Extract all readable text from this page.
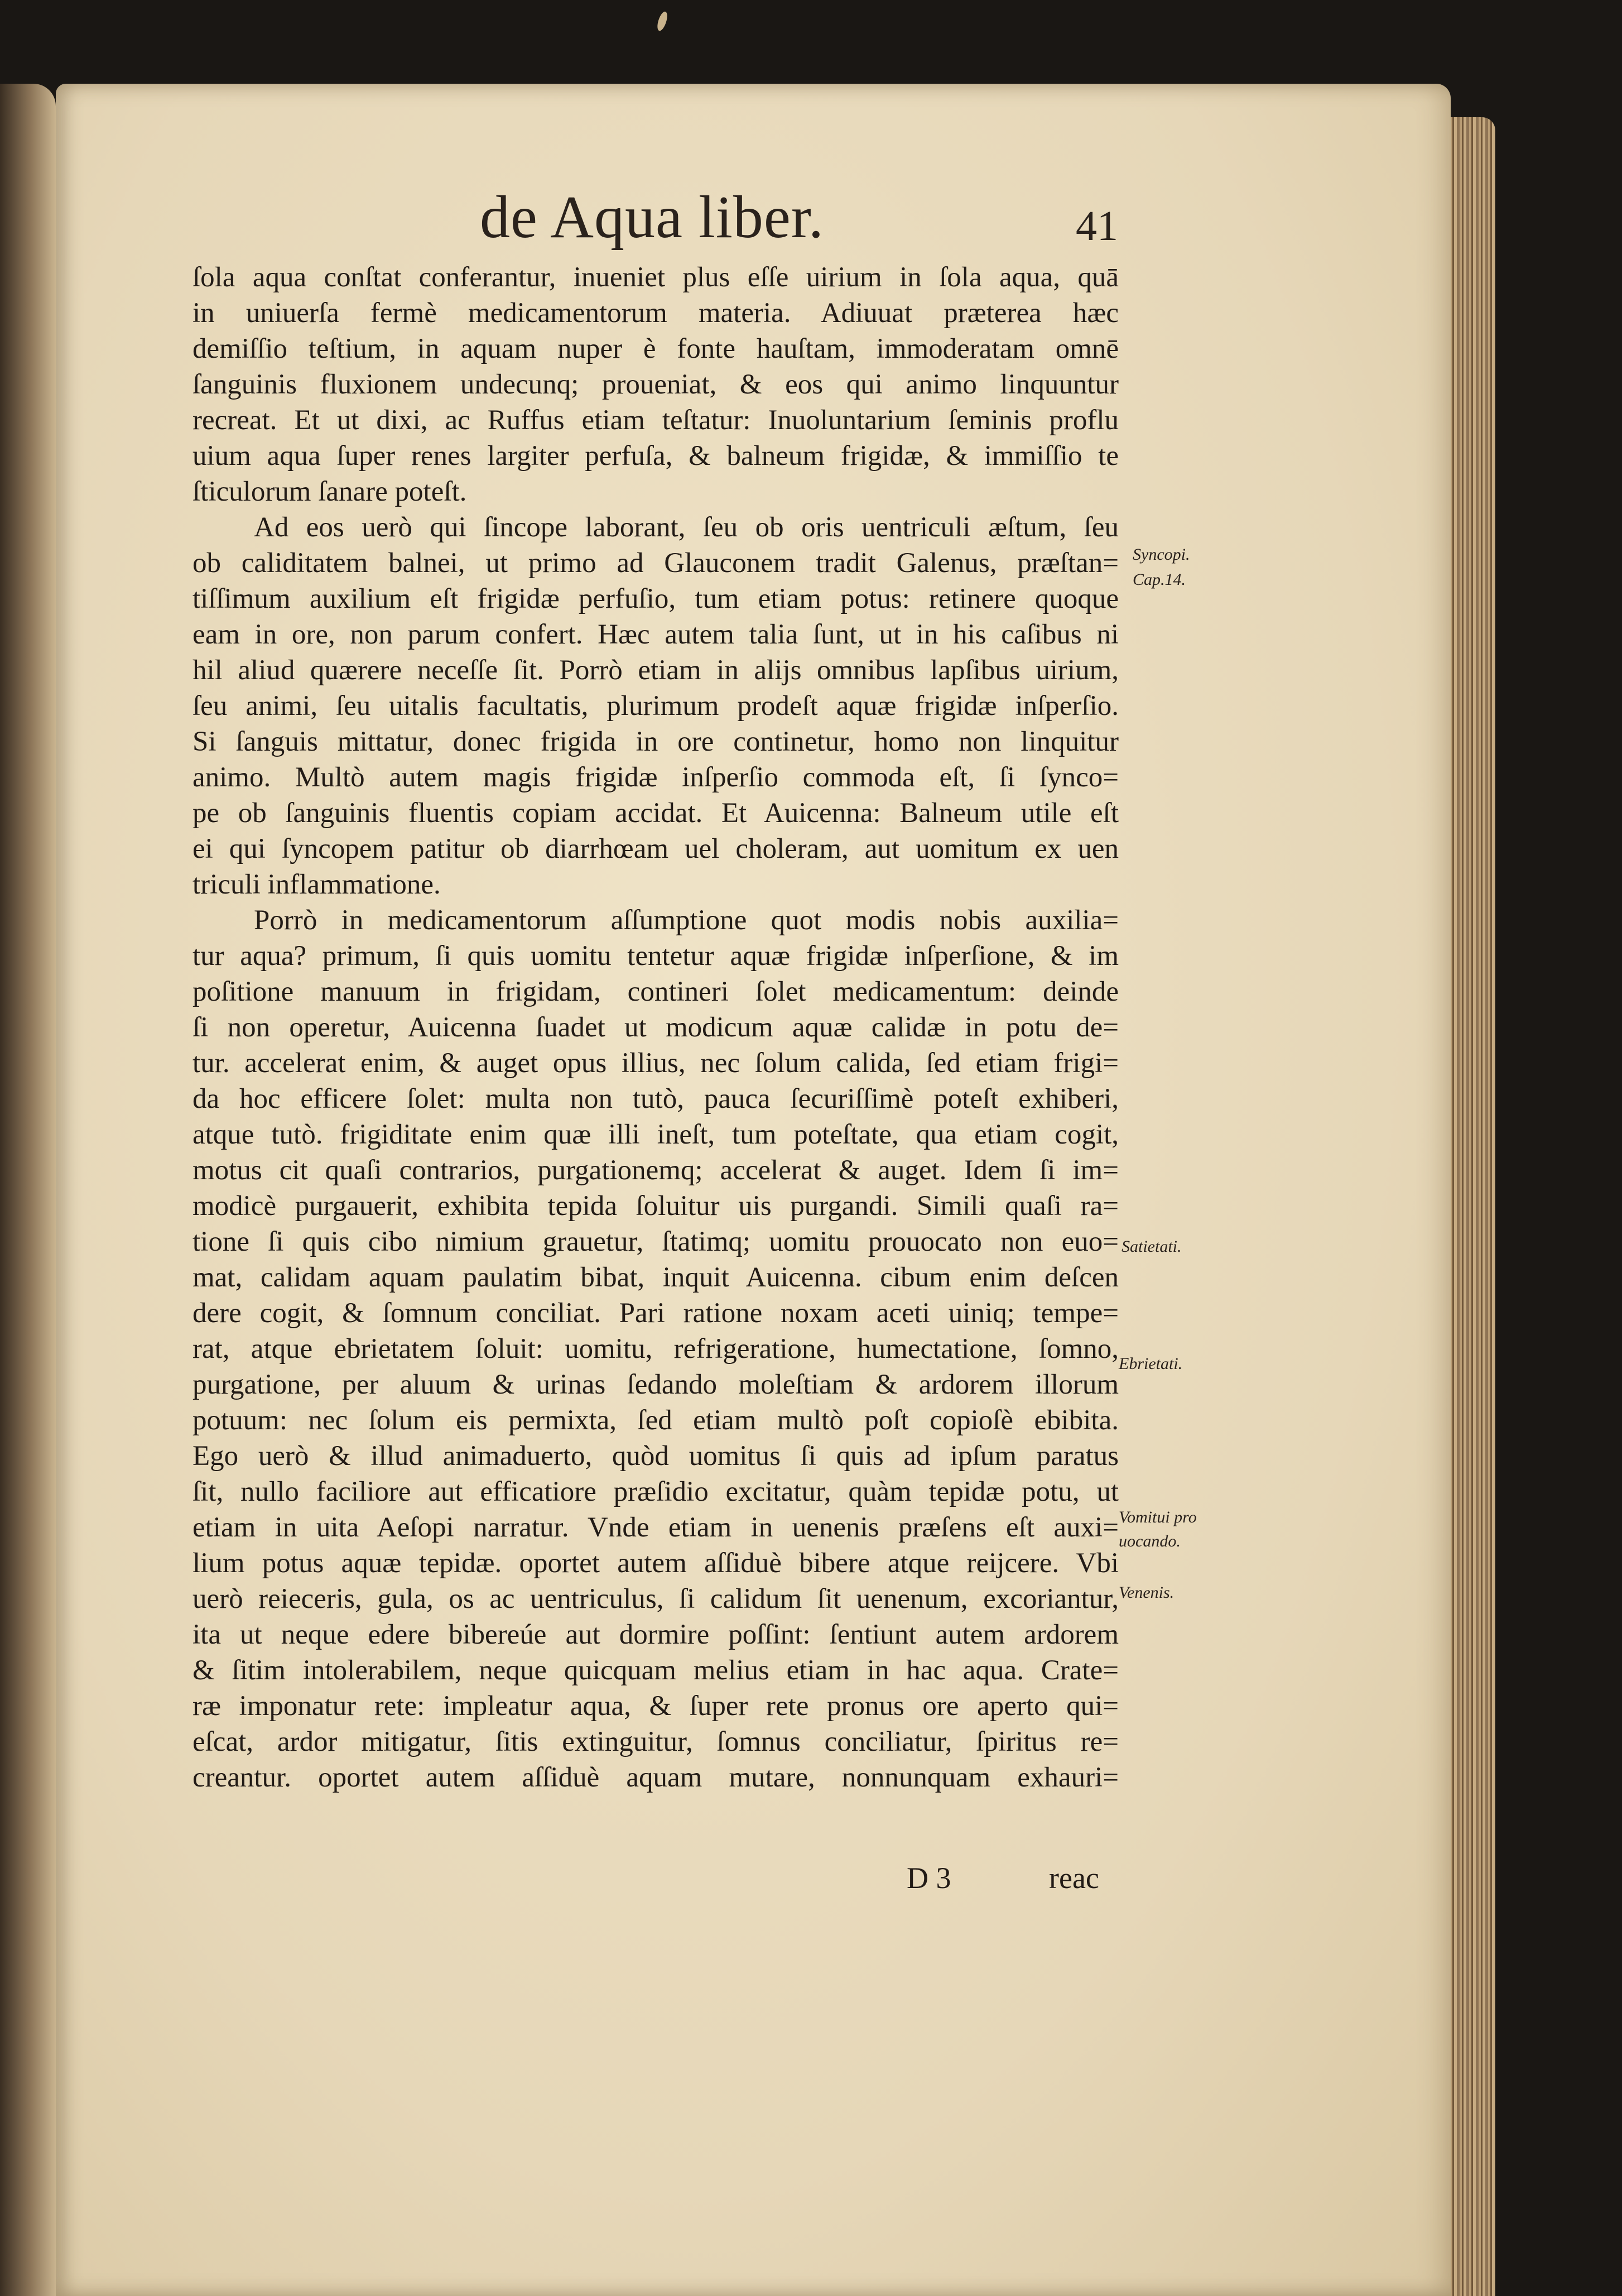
de Aqua liber.	41
ſola aqua conſtat conferantur, inueniet plus eſſe uirium in ſola aqua, quā
in uniuerſa fermè medicamentorum materia. Adiuuat præterea hæc
demiſſio teſtium, in aquam nuper è fonte hauſtam, immoderatam omnē
ſanguinis fluxionem undecunq; proueniat, & eos qui animo linquuntur
recreat. Et ut dixi, ac Ruffus etiam teſtatur: Inuoluntarium ſeminis proflu
uium aqua ſuper renes largiter perfuſa, & balneum frigidæ, & immiſſio te
ſticulorum ſanare poteſt.
Ad eos uerò qui ſincope laborant, ſeu ob oris uentriculi æſtum, ſeu
ob caliditatem balnei, ut primo ad Glauconem tradit Galenus, præſtan=
tiſſimum auxilium eſt frigidæ perfuſio, tum etiam potus: retinere quoque
eam in ore, non parum confert. Hæc autem talia ſunt, ut in his caſibus ni
hil aliud quærere neceſſe ſit. Porrò etiam in alijs omnibus lapſibus uirium,
ſeu animi, ſeu uitalis facultatis, plurimum prodeſt aquæ frigidæ inſperſio.
Si ſanguis mittatur, donec frigida in ore continetur, homo non linquitur
animo. Multò autem magis frigidæ inſperſio commoda eſt, ſi ſynco=
pe ob ſanguinis fluentis copiam accidat. Et Auicenna: Balneum utile eſt
ei qui ſyncopem patitur ob diarrhœam uel choleram, aut uomitum ex uen
triculi inflammatione.
Porrò in medicamentorum aſſumptione quot modis nobis auxilia=
tur aqua? primum, ſi quis uomitu tentetur aquæ frigidæ inſperſione, & im
poſitione manuum in frigidam, contineri ſolet medicamentum: deinde
ſi non operetur, Auicenna ſuadet ut modicum aquæ calidæ in potu de=
tur. accelerat enim, & auget opus illius, nec ſolum calida, ſed etiam frigi=
da hoc efficere ſolet: multa non tutò, pauca ſecuriſſimè poteſt exhiberi,
atque tutò. frigiditate enim quæ illi ineſt, tum poteſtate, qua etiam cogit,
motus cit quaſi contrarios, purgationemq; accelerat & auget. Idem ſi im=
modicè purgauerit, exhibita tepida ſoluitur uis purgandi. Simili quaſi ra=
tione ſi quis cibo nimium grauetur, ſtatimq; uomitu prouocato non euo=
mat, calidam aquam paulatim bibat, inquit Auicenna. cibum enim deſcen
dere cogit, & ſomnum conciliat. Pari ratione noxam aceti uiniq; tempe=
rat, atque ebrietatem ſoluit: uomitu, refrigeratione, humectatione, ſomno,
purgatione, per aluum & urinas ſedando moleſtiam & ardorem illorum
potuum: nec ſolum eis permixta, ſed etiam multò poſt copioſè ebibita.
Ego uerò & illud animaduerto, quòd uomitus ſi quis ad ipſum paratus
ſit, nullo faciliore aut efficatiore præſidio excitatur, quàm tepidæ potu, ut
etiam in uita Aeſopi narratur. Vnde etiam in uenenis præſens eſt auxi=
lium potus aquæ tepidæ. oportet autem aſſiduè bibere atque reijcere. Vbi
uerò reieceris, gula, os ac uentriculus, ſi calidum ſit uenenum, excoriantur,
ita ut neque edere bibereúe aut dormire poſſint: ſentiunt autem ardorem
& ſitim intolerabilem, neque quicquam melius etiam in hac aqua. Crate=
ræ imponatur rete: impleatur aqua, & ſuper rete pronus ore aperto qui=
eſcat, ardor mitigatur, ſitis extinguitur, ſomnus conciliatur, ſpiritus re=
creantur. oportet autem aſſiduè aquam mutare, nonnunquam exhauri=
Syncopi.
Cap.14.
Satietati.
Ebrietati.
Vomitui pro
uocando.
Venenis.
D 3	reac
